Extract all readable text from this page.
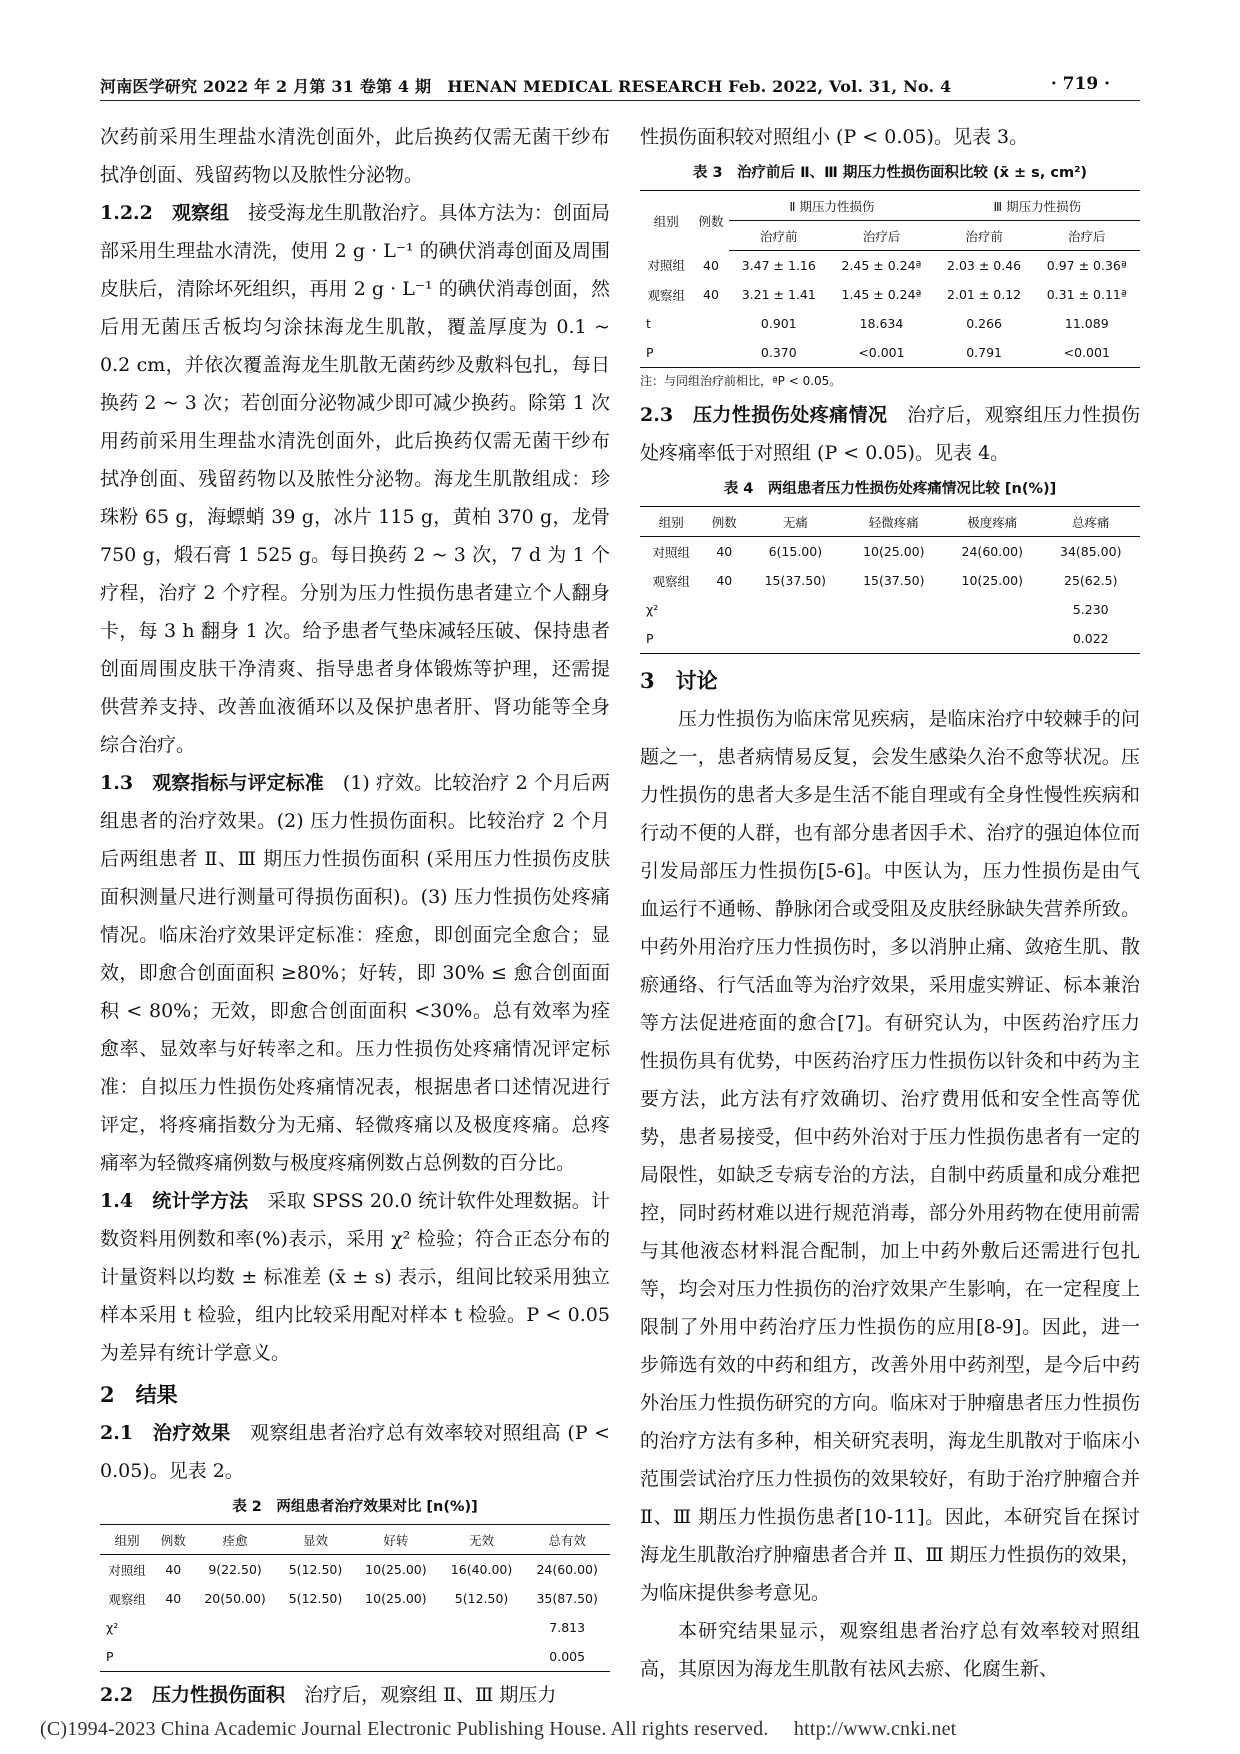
河南医学研究 2022 年 2 月第 31 卷第 4 期　HENAN MEDICAL RESEARCH Feb. 2022, Vol. 31, No. 4	· 719 ·

次药前采用生理盐水清洗创面外，此后换药仅需无菌干纱布拭净创面、残留药物以及脓性分泌物。

1.2.2　观察组　接受海龙生肌散治疗。具体方法为：创面局部采用生理盐水清洗，使用 2 g · L⁻¹ 的碘伏消毒创面及周围皮肤后，清除坏死组织，再用 2 g · L⁻¹ 的碘伏消毒创面，然后用无菌压舌板均匀涂抹海龙生肌散，覆盖厚度为 0.1 ~ 0.2 cm，并依次覆盖海龙生肌散无菌药纱及敷料包扎，每日换药 2 ~ 3 次；若创面分泌物减少即可减少换药。除第 1 次用药前采用生理盐水清洗创面外，此后换药仅需无菌干纱布拭净创面、残留药物以及脓性分泌物。海龙生肌散组成：珍珠粉 65 g，海螵蛸 39 g，冰片 115 g，黄柏 370 g，龙骨 750 g，煅石膏 1 525 g。每日换药 2 ~ 3 次，7 d 为 1 个疗程，治疗 2 个疗程。分别为压力性损伤患者建立个人翻身卡，每 3 h 翻身 1 次。给予患者气垫床减轻压破、保持患者创面周围皮肤干净清爽、指导患者身体锻炼等护理，还需提供营养支持、改善血液循环以及保护患者肝、肾功能等全身综合治疗。

1.3　观察指标与评定标准　(1) 疗效。比较治疗 2 个月后两组患者的治疗效果。(2) 压力性损伤面积。比较治疗 2 个月后两组患者 Ⅱ、Ⅲ 期压力性损伤面积 (采用压力性损伤皮肤面积测量尺进行测量可得损伤面积)。(3) 压力性损伤处疼痛情况。临床治疗效果评定标准：痊愈，即创面完全愈合；显效，即愈合创面面积 ≥80%；好转，即 30% ≤ 愈合创面面积 < 80%；无效，即愈合创面面积 <30%。总有效率为痊愈率、显效率与好转率之和。压力性损伤处疼痛情况评定标准：自拟压力性损伤处疼痛情况表，根据患者口述情况进行评定，将疼痛指数分为无痛、轻微疼痛以及极度疼痛。总疼痛率为轻微疼痛例数与极度疼痛例数占总例数的百分比。

1.4　统计学方法　采取 SPSS 20.0 统计软件处理数据。计数资料用例数和率(%)表示，采用 χ² 检验；符合正态分布的计量资料以均数 ± 标准差 (x̄ ± s) 表示，组间比较采用独立样本采用 t 检验，组内比较采用配对样本 t 检验。P < 0.05 为差异有统计学意义。

2　结果

2.1　治疗效果　观察组患者治疗总有效率较对照组高 (P < 0.05)。见表 2。

表 2　两组患者治疗效果对比 [n(%)]
组别	例数	痊愈	显效	好转	无效	总有效
对照组	40	9(22.50)	5(12.50)	10(25.00)	16(40.00)	24(60.00)
观察组	40	20(50.00)	5(12.50)	10(25.00)	5(12.50)	35(87.50)
χ²						7.813
P						0.005

2.2　压力性损伤面积　治疗后，观察组 Ⅱ、Ⅲ 期压力

性损伤面积较对照组小 (P < 0.05)。见表 3。

表 3　治疗前后 Ⅱ、Ⅲ 期压力性损伤面积比较 (x̄ ± s, cm²)
组别	例数	Ⅱ 期压力性损伤		Ⅲ 期压力性损伤	
		治疗前	治疗后	治疗前	治疗后
对照组	40	3.47 ± 1.16	2.45 ± 0.24ª	2.03 ± 0.46	0.97 ± 0.36ª
观察组	40	3.21 ± 1.41	1.45 ± 0.24ª	2.01 ± 0.12	0.31 ± 0.11ª
t		0.901	18.634	0.266	11.089
P		0.370	<0.001	0.791	<0.001
注：与同组治疗前相比，ªP < 0.05。

2.3　压力性损伤处疼痛情况　治疗后，观察组压力性损伤处疼痛率低于对照组 (P < 0.05)。见表 4。

表 4　两组患者压力性损伤处疼痛情况比较 [n(%)]
组别	例数	无痛	轻微疼痛	极度疼痛	总疼痛
对照组	40	6(15.00)	10(25.00)	24(60.00)	34(85.00)
观察组	40	15(37.50)	15(37.50)	10(25.00)	25(62.5)
χ²					5.230
P					0.022
3　讨论

压力性损伤为临床常见疾病，是临床治疗中较棘手的问题之一，患者病情易反复，会发生感染久治不愈等状况。压力性损伤的患者大多是生活不能自理或有全身性慢性疾病和行动不便的人群，也有部分患者因手术、治疗的强迫体位而引发局部压力性损伤[5-6]。中医认为，压力性损伤是由气血运行不通畅、静脉闭合或受阻及皮肤经脉缺失营养所致。中药外用治疗压力性损伤时，多以消肿止痛、敛疮生肌、散瘀通络、行气活血等为治疗效果，采用虚实辨证、标本兼治等方法促进疮面的愈合[7]。有研究认为，中医药治疗压力性损伤具有优势，中医药治疗压力性损伤以针灸和中药为主要方法，此方法有疗效确切、治疗费用低和安全性高等优势，患者易接受，但中药外治对于压力性损伤患者有一定的局限性，如缺乏专病专治的方法，自制中药质量和成分难把控，同时药材难以进行规范消毒，部分外用药物在使用前需与其他液态材料混合配制，加上中药外敷后还需进行包扎等，均会对压力性损伤的治疗效果产生影响，在一定程度上限制了外用中药治疗压力性损伤的应用[8-9]。因此，进一步筛选有效的中药和组方，改善外用中药剂型，是今后中药外治压力性损伤研究的方向。临床对于肿瘤患者压力性损伤的治疗方法有多种，相关研究表明，海龙生肌散对于临床小范围尝试治疗压力性损伤的效果较好，有助于治疗肿瘤合并 Ⅱ、Ⅲ 期压力性损伤患者[10-11]。因此，本研究旨在探讨海龙生肌散治疗肿瘤患者合并 Ⅱ、Ⅲ 期压力性损伤的效果，为临床提供参考意见。

本研究结果显示，观察组患者治疗总有效率较对照组高，其原因为海龙生肌散有祛风去瘀、化腐生新、

(C)1994-2023 China Academic Journal Electronic Publishing House. All rights reserved.　 http://www.cnki.net
